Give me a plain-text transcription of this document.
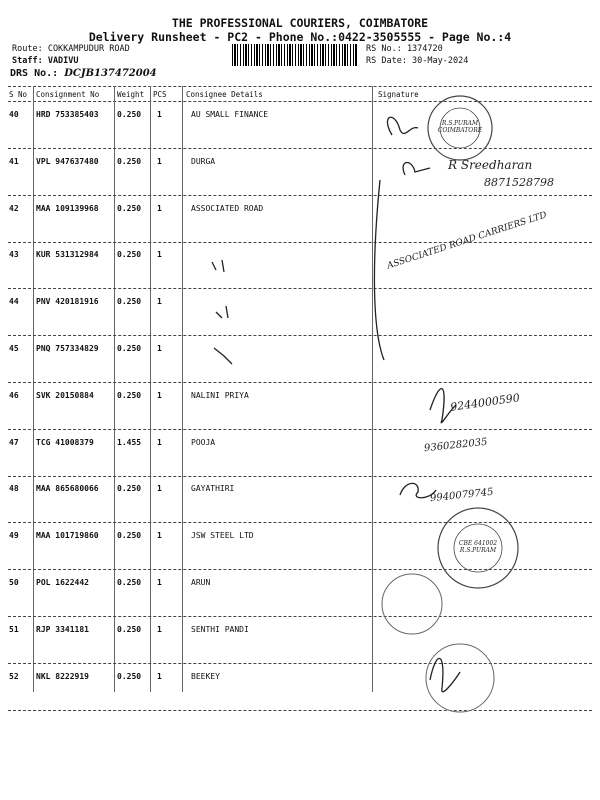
THE PROFESSIONAL COURIERS, COIMBATORE
Delivery Runsheet - PC2 - Phone No.:0422-3505555 - Page No.:4
Route: COKKAMPUDUR ROAD
Staff: VADIVU
RS No.: 1374720
RS Date: 30-May-2024
DRS No.: DCJB137472004
S No Consignment No Weight PCS	Consignee Details	Signature
40 HRD 753385403 0.250 1	AU SMALL FINANCE
41 VPL 947637480 0.250 1	DURGA
42 MAA 109139968 0.250 1	ASSOCIATED ROAD
43 KUR 531312984 0.250 1
44 PNV 420181916 0.250 1
45 PNQ 757334829 0.250 1
46 SVK 20150884	0.250 1	NALINI PRIYA
47 TCG 41008379	1.455 1	POOJA
48 MAA 865680066 0.250 1	GAYATHIRI
49 MAA 101719860 0.250 1	JSW STEEL LTD
50 POL 1622442	0.250 1	ARUN
51 RJP 3341181	0.250 1	SENTHI PANDI
52 NKL 8222919	0.250 1	BEEKEY
R.S.PURAM COIMBATORE
ASSOCIATED ROAD CARRIERS LTD
CBE 641002 R.S.PURAM
R Sreedharan
8871528798
9244000590
9360282035
9940079745
